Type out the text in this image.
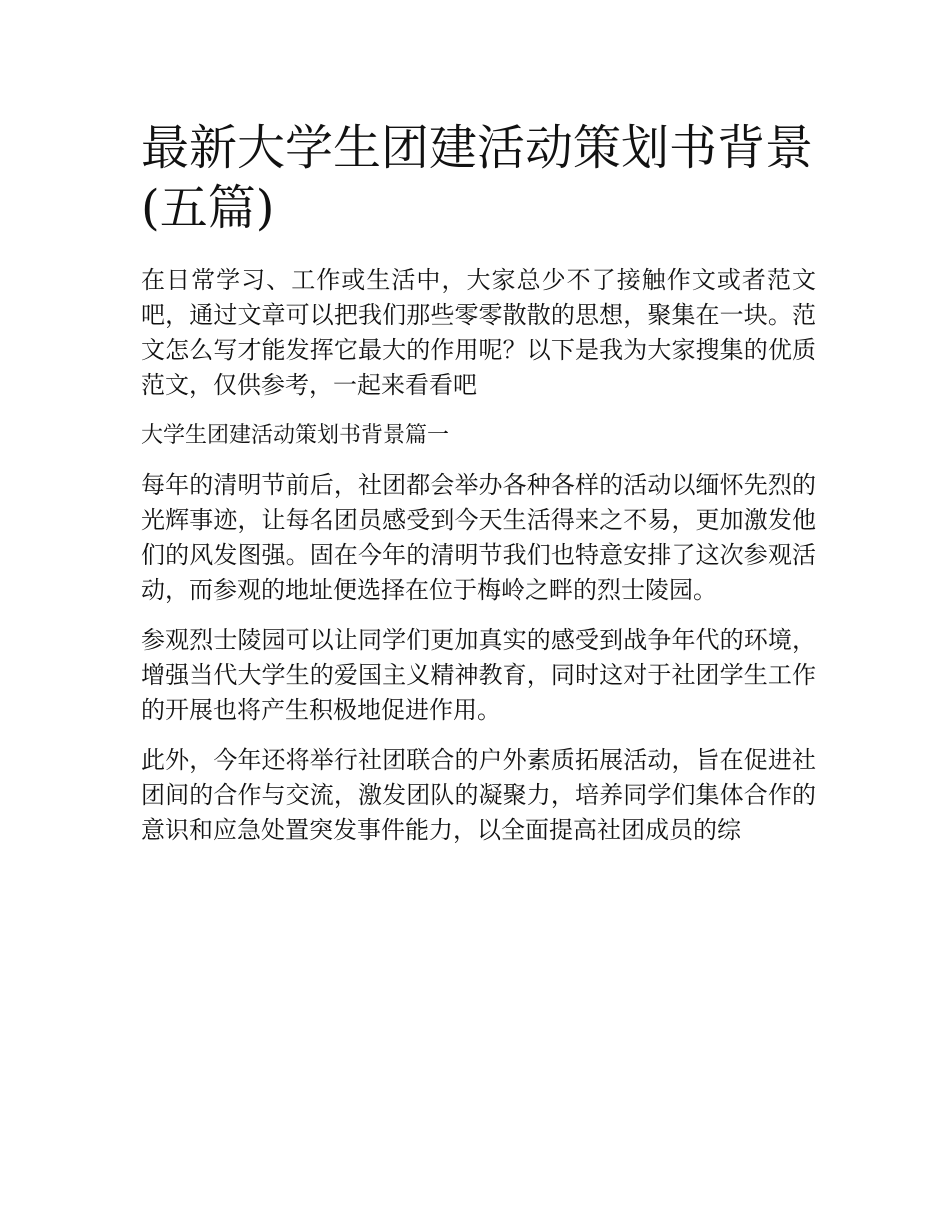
最新大学生团建活动策划书背景(五篇)

在日常学习、工作或生活中，大家总少不了接触作文或者范文吧，通过文章可以把我们那些零零散散的思想，聚集在一块。范文怎么写才能发挥它最大的作用呢？以下是我为大家搜集的优质范文，仅供参考，一起来看看吧

大学生团建活动策划书背景篇一

每年的清明节前后，社团都会举办各种各样的活动以缅怀先烈的光辉事迹，让每名团员感受到今天生活得来之不易，更加激发他们的风发图强。固在今年的清明节我们也特意安排了这次参观活动，而参观的地址便选择在位于梅岭之畔的烈士陵园。

参观烈士陵园可以让同学们更加真实的感受到战争年代的环境，增强当代大学生的爱国主义精神教育，同时这对于社团学生工作的开展也将产生积极地促进作用。

此外，今年还将举行社团联合的户外素质拓展活动，旨在促进社团间的合作与交流，激发团队的凝聚力，培养同学们集体合作的意识和应急处置突发事件能力，以全面提高社团成员的综
